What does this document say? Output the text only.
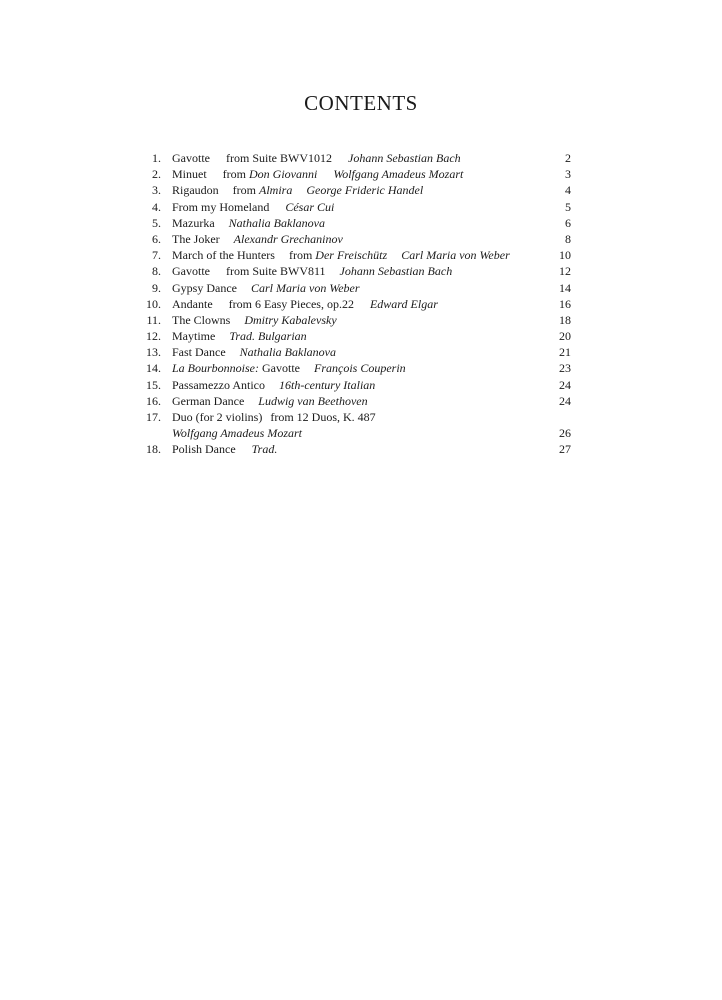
CONTENTS
1. Gavotte from Suite BWV1012 Johann Sebastian Bach	2
2. Minuet from Don Giovanni Wolfgang Amadeus Mozart	3
3. Rigaudon from Almira George Frideric Handel	4
4. From my Homeland César Cui	5
5. Mazurka Nathalia Baklanova	6
6. The Joker Alexandr Grechaninov	8
7. March of the Hunters from Der Freischütz Carl Maria von Weber	10
8. Gavotte from Suite BWV811 Johann Sebastian Bach	12
9. Gypsy Dance Carl Maria von Weber	14
10. Andante from 6 Easy Pieces, op.22 Edward Elgar	16
11. The Clowns Dmitry Kabalevsky	18
12. Maytime Trad. Bulgarian	20
13. Fast Dance Nathalia Baklanova	21
14. La Bourbonnoise: Gavotte François Couperin	23
15. Passamezzo Antico 16th-century Italian	24
16. German Dance Ludwig van Beethoven	24
17. Duo (for 2 violins) from 12 Duos, K. 487
Wolfgang Amadeus Mozart	26
18. Polish Dance Trad.	27
